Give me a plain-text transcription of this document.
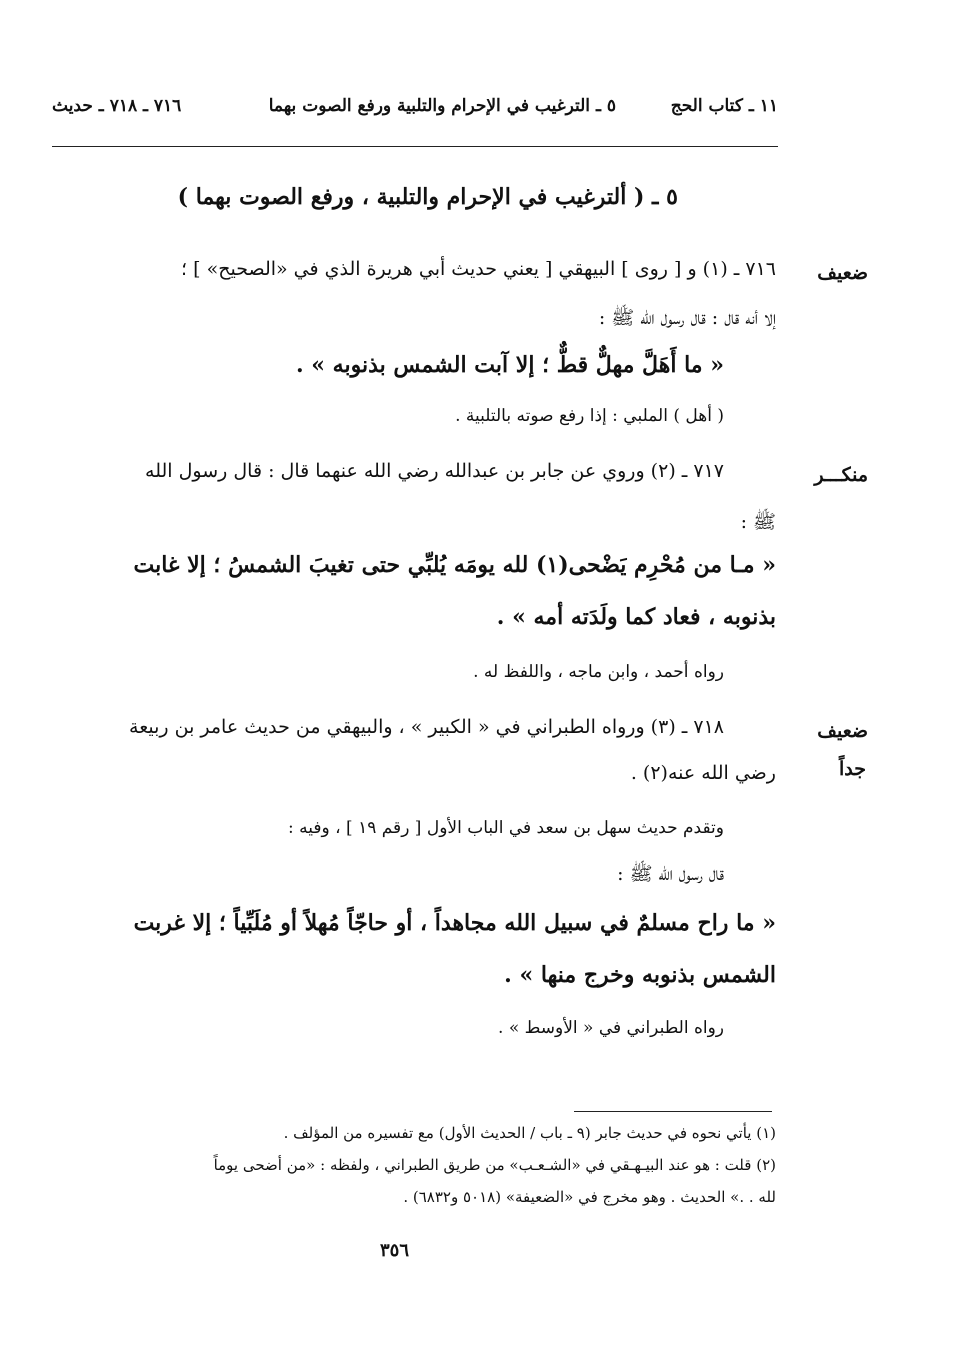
١١ ـ كتاب الحج
٥ ـ الترغيب في الإحرام والتلبية ورفع الصوت بهما
٧١٦ ـ ٧١٨ ـ حديث
٥ ـ ( ألترغيب في الإحرام والتلبية ، ورفع الصوت بهما )
ضعيف
٧١٦ ـ (١) و [ روى ] البيهقي [ يعني حديث أبي هريرة الذي في «الصحيح» ] ؛
إلا أنه قال : قال رسول الله ﷺ :
« ما أَهَلَّ مهلٌّ قطٌّ ؛ إلا آبت الشمس بذنوبه » .
( أهل ) الملبي : إذا رفع صوته بالتلبية .
منكـــر
٧١٧ ـ (٢) وروي عن جابر بن عبدالله رضي الله عنهما قال : قال رسول الله
ﷺ :
« مـا من مُحْرِم يَضْحى(١) لله يومَه يُلبِّي حتى تغيبَ الشمسُ ؛ إلا غابت
بذنوبه ، فعاد كما ولَدَته أمه » .
رواه أحمد ، وابن ماجه ، واللفظ له .
ضعيف
جداً
٧١٨ ـ (٣) ورواه الطبراني في « الكبير » ، والبيهقي من حديث عامر بن ربيعة
رضي الله عنه(٢) .
وتقدم حديث سهل بن سعد في الباب الأول [ رقم ١٩ ] ، وفيه :
قال رسول الله ﷺ :
« ما راح مسلمٌ في سبيل الله مجاهداً ، أو حاجّاً مُهلاً أو مُلَبِّياً ؛ إلا غربت
الشمس بذنوبه وخرج منها » .
رواه الطبراني في « الأوسط » .
(١) يأتي نحوه في حديث جابر (٩ ـ باب / الحديث الأول) مع تفسيره من المؤلف .
(٢) قلت : هو عند البيـهـقي في «الشـعـب» من طريق الطبراني ، ولفظه : «من أضحى يوماً
لله . .» الحديث . وهو مخرج في «الضعيفة» (٥٠١٨ و٦٨٣٢) .
٣٥٦
